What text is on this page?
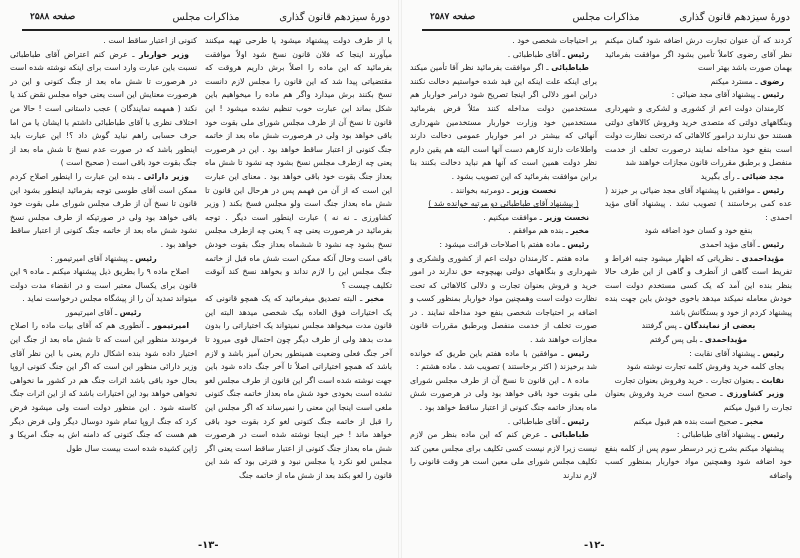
دورهٔ سیزدهم قانون گذاری
مذاکرات مجلس
صفحه ۲۵۸۷

کردند که آن عنوان تجارت درش اضافه شود گمان میکنم نظر آقای رضوی کاملاً تأمین بشود اگر موافقت بفرمائید بهمان صورت باشد بهتر است

رضوی ـ مسترد میکنم

رئیس ـ پیشنهاد آقای مجد ضیائی :

کارمندان دولت اعم از کشوری و لشکری و شهرداری وبنگاههای دولتی که متصدی خرید وفروش کالاهای دولتی هستند حق ندارند درامور کالاهائی که درتحت نظارت دولت است بنفع خود مداخله نمایند درصورت تخلف از خدمت منفصل و برطبق مقررات قانون مجازات خواهند شد

مجد ضیائی ـ رأی بگیرید

رئیس ـ موافقین با پیشنهاد آقای مجد ضیائی بر خیزند ( عده کمی برخاستند ) تصویب نشد . پیشنهاد آقای مؤید احمدی :

بنفع خود و کسان خود اضافه شود

رئیس ـ آقای مؤید احمدی

مؤیداحمدی ـ نظریاتی که اظهار میشود جنبه افراط و تفریط است گاهی از آنطرف و گاهی از این طرف حالا بنظر بنده این آمد که یک کسی مستخدم دولت است خودش معامله نمیکند میدهد باخوی خودش باین جهت بنده پیشنهاد کردم از خود و بستگانش باشد

بعضی از نمایندگان ـ پس گرفتند

مؤیداحمدی ـ بلی پس گرفتم

رئیس ـ پیشنهاد آقای نقابت :

بجای کلمه خرید وفروش کلمه تجارت نوشته شود

نقابت ـ بعنوان تجارت . خرید وفروش بعنوان تجارت

وزیر کشاورزی ـ صحیح است خرید وفروش بعنوان تجارت را قبول میکنم

مخبر ـ صحیح است بنده هم قبول میکنم

رئیس ـ پیشنهاد آقای طباطبائی :

پیشنهاد میکنم بشرح زیر درسطر سوم پس از کلمه بنفع خود اضافه شود وهمچنین مواد خواربار بمنظور کسب واضافه

بر احتیاجات شخصی خود .

رئیس ـ آقای طباطبائی .

طباطبائی ـ اگر موافقت بفرمائید نظر آقا تأمین میکند برای اینکه علت اینکه این قید شده خواستیم دخالت نکنند دراین امور دلالی اگر اینجا تصریح شود درامر خواربار هم مستخدمین دولت مداخله کنند مثلاً فرض بفرمائید مستخدمین خود وزارت خواربار مستخدمین شهرداری آنهائی که بیشتر در امر خواربار عمومی دخالت دارند واطلاعات دارند کارهم دست آنها است البته هم یقین دارم نظر دولت همین است که آنها هم نباید دخالت بکنند بنا براین موافقت بفرمائید که این تصویب بشود .

نخست وزیر ـ دومرتبه بخوانند .

( پیشنهاد آقای طباطبائی دو مرتبه خوانده شد )

نخست وزیر ـ موافقت میکنیم .

مخبر ـ بنده هم موافقم .

رئیس ـ ماده هفتم با اصلاحات قرائت میشود :

ماده هفتم ـ کارمندان دولت اعم از کشوری ولشکری و شهرداری و بنگاههای دولتی بهیچوجه حق ندارند در امور خرید و فروش بعنوان تجارت و دلالی کالاهائی که تحت نظارت دولت است وهمچنین مواد خواربار بمنظور کسب و اضافه بر احتیاجات شخصی بنفع خود مداخله نمایند . در صورت تخلف از خدمت منفصل وبرطبق مقررات قانون مجازات خواهند شد .

رئیس ـ موافقین با ماده هفتم باین طریق که خوانده شد برخیزند ( اکثر برخاستند ) تصویب شد . ماده هشتم :

ماده ۸ ـ این قانون تا نسخ آن از طرف مجلس شورای ملی بقوت خود باقی خواهد بود ولی در هرصورت شش ماه بعداز خاتمه جنگ کنونی از اعتبار ساقط خواهد بود .

رئیس ـ آقای طباطبائی .

طباطبائی ـ عرض کنم که این ماده بنظر من لازم نیست زیرا لازم نیست کسی تکلیف برای مجلس معین کند تکلیف مجلس شورای ملی معین است هر وقت قانونی را لازم ندارند

-۱۲-
دورهٔ سیزدهم قانون گذاری
مذاکرات مجلس
صفحه ۲۵۸۸

یا از طرف دولت پیشنهاد میشود یا طرحی تهیه میکنند میآورند اینجا که فلان قانون نسخ شود اولاً موافقت بفرمائید که این ماده را اصلاً برش داریم هروقت که مقتضیاتی پیدا شد که این قانون را مجلس لازم دانست نسخ بکنند برش میدارد واگر هم ماده را میخواهیم باین شکل بماند این عبارت خوب تنظیم نشده میشود ! این قانون تا نسخ آن از طرف مجلس شورای ملی بقوت خود باقی خواهد بود ولی در هرصورت شش ماه بعد از خاتمه جنگ کنونی از اعتبار ساقط خواهد بود . این در هرصورت یعنی چه ازطرف مجلس نسخ بشود چه نشود تا شش ماه بعداز جنگ بقوت خود باقی خواهد بود . معنای این عبارت این است که از آن من فهمم پس در هرحال این قانون تا شش ماه بعداز جنگ است ولو مجلس فسخ بکند ( وزیر کشاورزی ـ نه نه ) عبارت اینطور است دیگر . توجه بفرمائید در هرصورت یعنی چه ؟ یعنی چه ازطرف مجلس نسخ بشود چه نشود تا ششماه بعداز جنگ بقوت خودش باقی است وحال آنکه ممکن است شش ماه قبل از خاتمه جنگ مجلس این را لازم نداند و بخواهد نسخ کند آنوقت تکلیف چیست ؟

مخبر ـ البته تصدیق میفرمائید که یک همچو قانونی که یک اختیارات فوق العاده بیک شخصی میدهد البته این قانون مدت میخواهد مجلس نمیتواند یک اختیاراتی را بدون مدت بدهد ولی از طرف دیگر چون احتمال قوی میرود تا آخر جنگ فعلی وضعیت همینطور بحران آمیز باشد و لازم باشد که همچو اختیاراتی اصلاً تا آخر جنگ داده شود باین جهت نوشته شده است اگر این قانون از طرف مجلس لغو نشده است بخودی خود شش ماه بعداز خاتمه جنگ کنونی ملغی است اینجا این معنی را نمیرساند که اگر مجلس این را قبل از خاتمه جنگ کنونی لغو کرد بقوت خود باقی خواهد ماند ! خیر اینجا نوشته شده است در هرصورت شش ماه بعداز جنگ کنونی از اعتبار ساقط است یعنی اگر مجلس لغو نکرد یا مجلس نبود و فترتی بود که شد این قانون را لغو بکند بعد از شش ماه از خاتمه جنگ

کنونی از اعتبار ساقط است .

وزیر خواربار ـ عرض کنم اعتراض آقای طباطبائی نسبت باین عبارت وارد است برای اینکه نوشته شده است در هرصورت تا شش ماه بعد از جنگ کنونی و این در هرصورت معنایش این است یعنی خواه مجلس نقض کند یا نکند ( همهمه نمایندگان ) عجب داستانی است ! حالا من اختلاف نظری با آقای طباطبائی داشتم با ایشان یا من اما حرف حسابی راهم نباید گوش داد ؟! این عبارت باید اینطور باشد که در صورت عدم نسخ تا شش ماه بعد از جنگ بقوت خود باقی است ( صحیح است )

وزیر دارائی ـ بنده این عبارت را اینطور اصلاح کردم ممکن است آقای طوسی توجه بفرمائید اینطور بشود این قانون تا نسخ آن از طرف مجلس شورای ملی بقوت خود باقی خواهد بود ولی در صورتیکه از طرف مجلس نسخ نشود شش ماه بعد از خاتمه جنگ کنونی از اعتبار ساقط خواهد بود .

رئیس ـ پیشنهاد آقای امیرتیمور :

اصلاح ماده ۹ را بطریق ذیل پیشنهاد میکنم ـ ماده ۹ این قانون برای یکسال معتبر است و در انقضاء مدت دولت میتواند تمدید آن را از پیشگاه مجلس درخواست نماید .

رئیس ـ آقای امیرتیمور

امیرتیمور ـ آنطوری هم که آقای بیات ماده را اصلاح فرمودند منظور این است که تا شش ماه بعد از جنگ این اختیار داده شود بنده اشکال دارم یعنی با این نظر آقای وزیر دارائی منظور این است که اگر این جنگ کنونی اروپا بحال خود باقی باشد اثرات جنگ هم در کشور ما نخواهی نخواهی خواهد بود این اختیارات باشد که از این اثرات جنگ کاسته شود . این منظور دولت است ولی میشود فرض کرد که جنگ اروپا تمام شود دوسال دیگر ولی فرض دیگر هم هست که جنگ کنونی که دامنه اش به جنگ امریکا و ژاپن کشیده شده است بیست سال طول

-۱۳-
